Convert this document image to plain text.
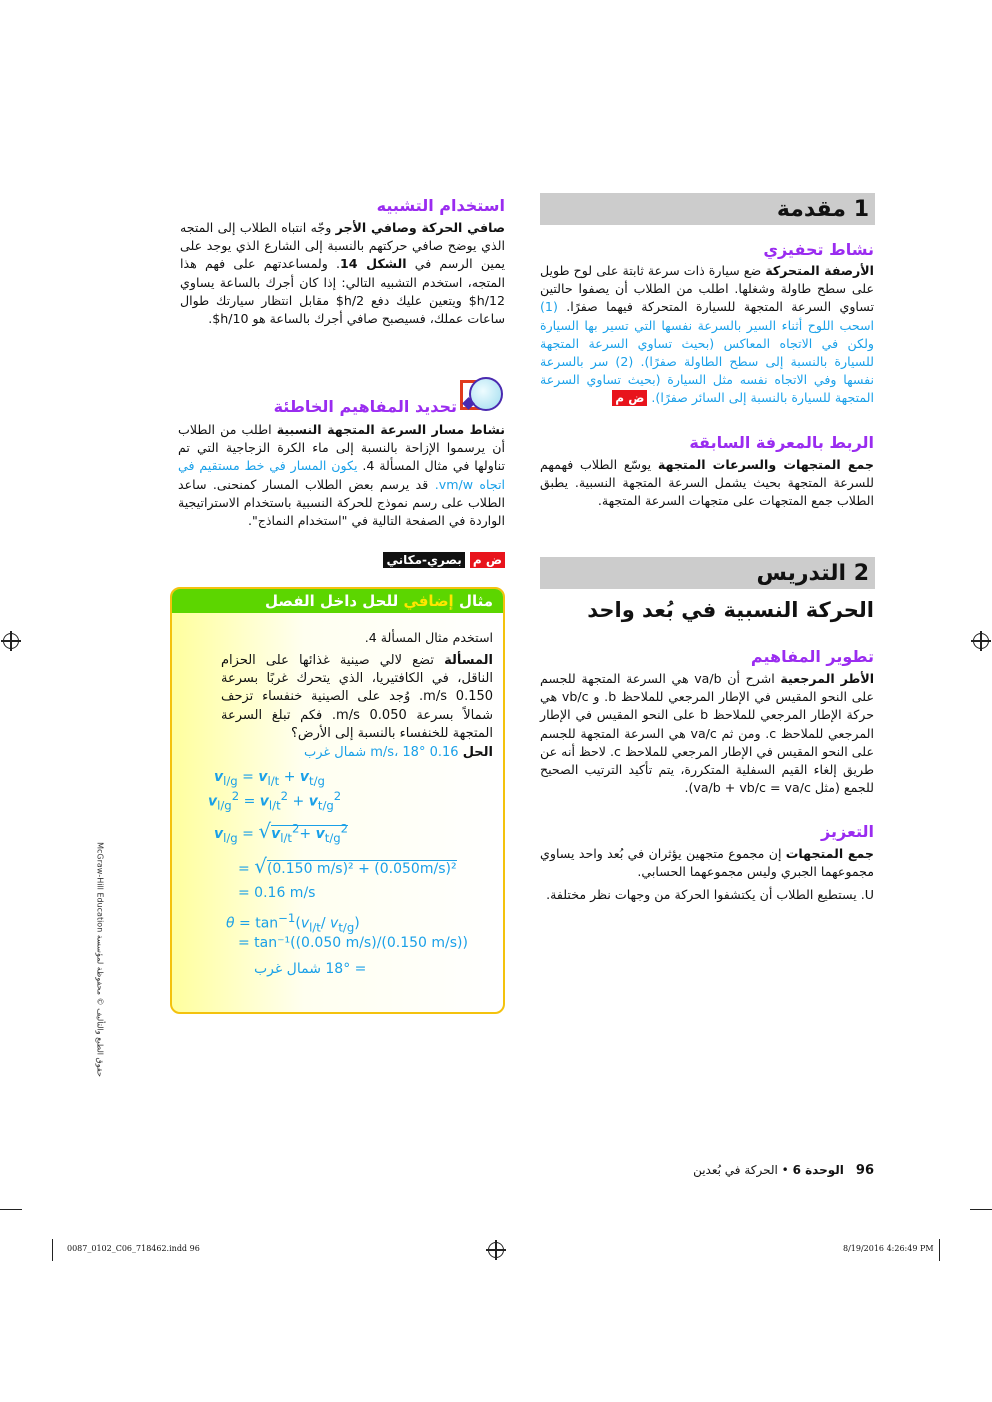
1 مقدمة
نشاط تحفيزي
الأرصفة المتحركة ضع سيارة ذات سرعة ثابتة على لوح طويل على سطح طاولة وشغلها. اطلب من الطلاب أن يصفوا حالتين تساوي السرعة المتجهة للسيارة المتحركة فيهما صفرًا. (1) اسحب اللوح أثناء السير بالسرعة نفسها التي تسير بها السيارة ولكن في الاتجاه المعاكس (بحيث تساوي السرعة المتجهة للسيارة بالنسبة إلى سطح الطاولة صفرًا). (2) سر بالسرعة نفسها وفي الاتجاه نفسه مثل السيارة (بحيث تساوي السرعة المتجهة للسيارة بالنسبة إلى السائر صفرًا). ض م
الربط بالمعرفة السابقة
جمع المتجهات والسرعات المتجهة يوسّع الطلاب فهمهم للسرعة المتجهة بحيث يشمل السرعة المتجهة النسبية. يطبق الطلاب جمع المتجهات على متجهات السرعة المتجهة.
2 التدريس
الحركة النسبية في بُعد واحد
تطوير المفاهيم
الأطر المرجعية اشرح أن va/b هي السرعة المتجهة للجسم على النحو المقيس في الإطار المرجعي للملاحظ b. و vb/c هي حركة الإطار المرجعي للملاحظ b على النحو المقيس في الإطار المرجعي للملاحظ c. ومن ثم va/c هي السرعة المتجهة للجسم على النحو المقيس في الإطار المرجعي للملاحظ c. لاحظ أنه عن طريق إلغاء القيم السفلية المتكررة، يتم تأكيد الترتيب الصحيح للجمع (مثل va/b + vb/c = va/c).
التعزيز
جمع المتجهات إن مجموع متجهين يؤثران في بُعد واحد يساوي مجموعهما الجبري وليس مجموعهما الحسابي.
U. يستطيع الطلاب أن يكتشفوا الحركة من وجهات نظر مختلفة.
استخدام التشبيه
صافي الحركة وصافي الأجر وجّه انتباه الطلاب إلى المتجه الذي يوضح صافي حركتهم بالنسبة إلى الشارع الذي يوجد على يمين الرسم في الشكل 14. ولمساعدتهم على فهم هذا المتجه، استخدم التشبيه التالي: إذا كان أجرك بالساعة يساوي 12/h$ ويتعين عليك دفع 2/h$ مقابل انتظار سيارتك طوال ساعات عملك، فسيصبح صافي أجرك بالساعة هو 10/h$.
تحديد المفاهيم الخاطئة
نشاط مسار السرعة المتجهة النسبية اطلب من الطلاب أن يرسموا الإزاحة بالنسبة إلى ماء الكرة الزجاجية التي تم تناولها في مثال المسألة 4. يكون المسار في خط مستقيم في اتجاه vm/w. قد يرسم بعض الطلاب المسار كمنحنى. ساعد الطلاب على رسم نموذج للحركة النسبية باستخدام الاستراتيجية الواردة في الصفحة التالية في "استخدام النماذج".
ض م بصري-مكاني
مثال إضافي للحل داخل الفصل
استخدم مثال المسألة 4.
المسألة تضع لالي صينية غذائها على الحزام الناقل، في الكافتيريا، الذي يتحرك غربًا بسرعة 0.150 m/s. وُجد على الصينية خنفساء تزحف شمالاً بسرعة 0.050 m/s. فكم تبلغ السرعة المتجهة للخنفساء بالنسبة إلى الأرض؟
الحل 0.16 m/s، 18° شمال غرب
$v_{l/g} = v_{l/t} + v_{t/g}$
$v_{l/g}^2 = v_{l/t}^2 + v_{t/g}^2$
$v_{l/g} = √v_{l/t}^2+ v_{t/g}^2$
= √(0.150 m/s)² + (0.050m/s)²
= 0.16 m/s
$\theta = \tan^{-1}(v_{l/t}/$ $v_{t/g}$)
= tan⁻¹((0.050 m/s)/(0.150 m/s))
= 18° شمال غرب
حقوق الطبع والتأليف © محفوظة لمؤسسة McGraw-Hill Education
96الوحدة 6 • الحركة في بُعدين
0087_0102_C06_718462.indd 96	8/19/2016 4:26:49 PM
